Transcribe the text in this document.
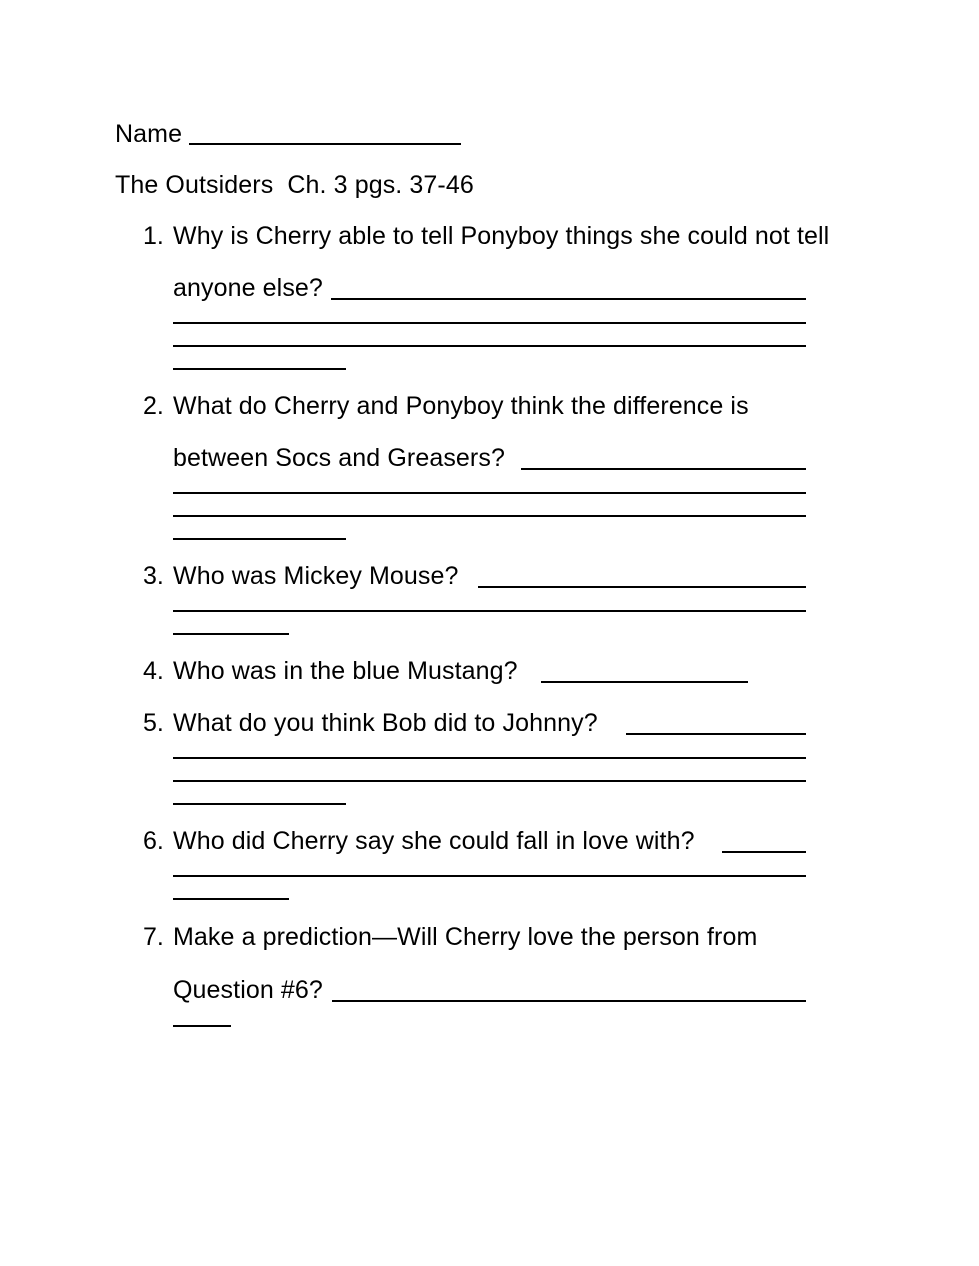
Name
The Outsiders  Ch. 3 pgs. 37-46
1. Why is Cherry able to tell Ponyboy things she could not tell
anyone else?
2. What do Cherry and Ponyboy think the difference is
between Socs and Greasers?
3. Who was Mickey Mouse?
4. Who was in the blue Mustang?
5. What do you think Bob did to Johnny?
6. Who did Cherry say she could fall in love with?
7. Make a prediction—Will Cherry love the person from
Question #6?
